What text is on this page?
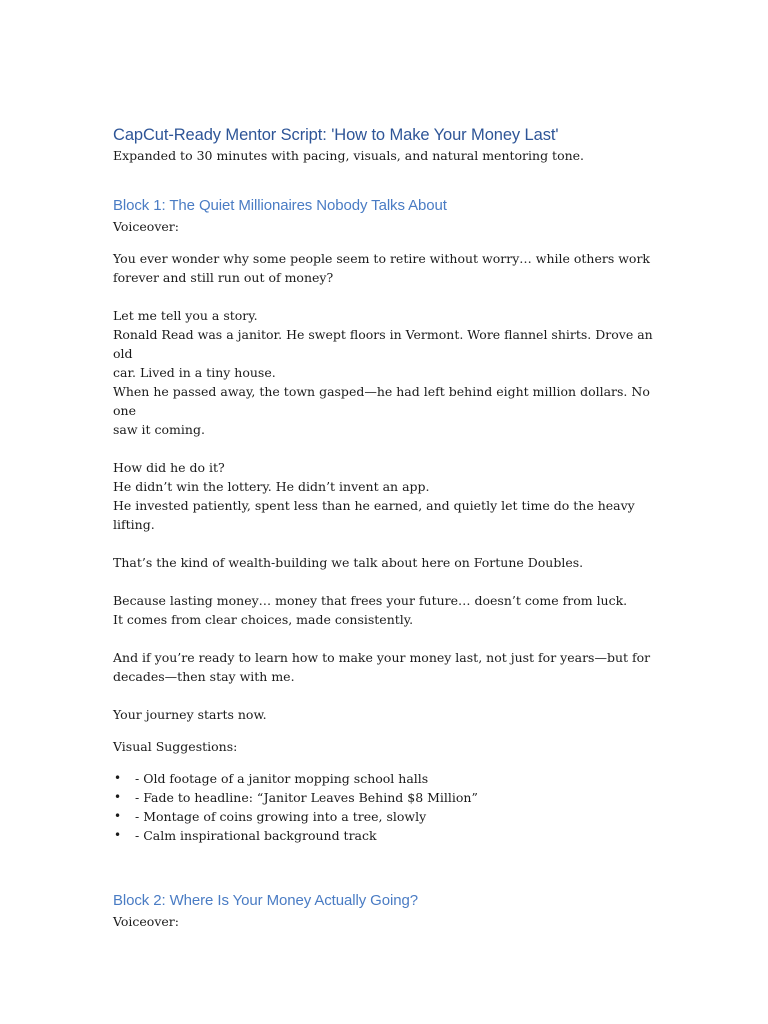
CapCut-Ready Mentor Script: 'How to Make Your Money Last'

Expanded to 30 minutes with pacing, visuals, and natural mentoring tone.

Block 1: The Quiet Millionaires Nobody Talks About

Voiceover:

You ever wonder why some people seem to retire without worry… while others work
forever and still run out of money?

Let me tell you a story.
Ronald Read was a janitor. He swept floors in Vermont. Wore flannel shirts. Drove an old
car. Lived in a tiny house.
When he passed away, the town gasped—he had left behind eight million dollars. No one
saw it coming.

How did he do it?
He didn’t win the lottery. He didn’t invent an app.
He invested patiently, spent less than he earned, and quietly let time do the heavy lifting.

That’s the kind of wealth-building we talk about here on Fortune Doubles.

Because lasting money… money that frees your future… doesn’t come from luck.
It comes from clear choices, made consistently.

And if you’re ready to learn how to make your money last, not just for years—but for
decades—then stay with me.

Your journey starts now.

Visual Suggestions:

• - Old footage of a janitor mopping school halls
• - Fade to headline: “Janitor Leaves Behind $8 Million”
• - Montage of coins growing into a tree, slowly
• - Calm inspirational background track
Block 2: Where Is Your Money Actually Going?

Voiceover:
